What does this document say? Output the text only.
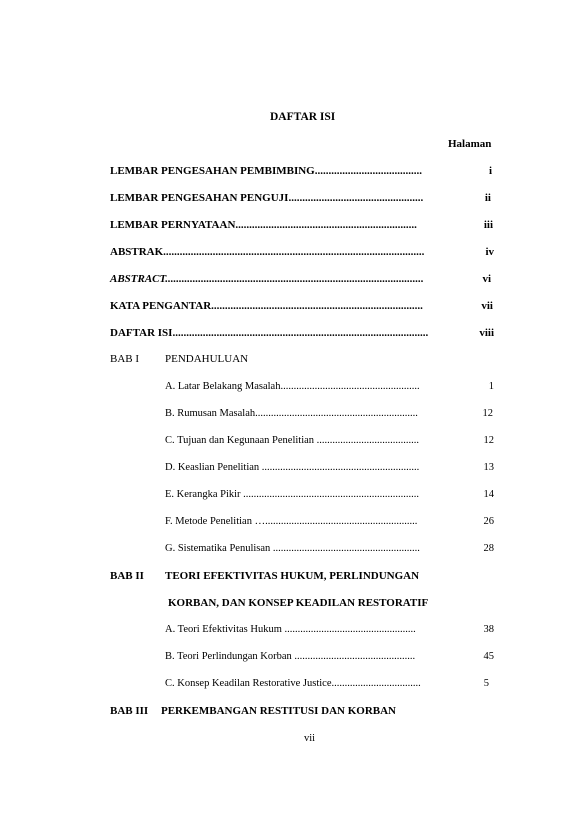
DAFTAR ISI
Halaman
LEMBAR PENGESAHAN PEMBIMBING.......................................	i
LEMBAR PENGESAHAN PENGUJI.................................................	ii
LEMBAR PERNYATAAN..................................................................	iii
ABSTRAK...............................................................................................	iv
ABSTRACT..............................................................................................	vi
KATA PENGANTAR.............................................................................	vii
DAFTAR ISI.............................................................................................	viii
BAB I PENDAHULUAN
A. Latar Belakang Masalah.....................................................	1
B. Rumusan Masalah..............................................................	12
C. Tujuan dan Kegunaan Penelitian .......................................	12
D. Keaslian Penelitian ............................................................	13
E. Kerangka Pikir ...................................................................	14
F. Metode Penelitian …..........................................................	26
G. Sistematika Penulisan ........................................................	28
BAB II TEORI EFEKTIVITAS HUKUM, PERLINDUNGAN
KORBAN, DAN KONSEP KEADILAN RESTORATIF
A. Teori Efektivitas Hukum ..................................................	38
B. Teori Perlindungan Korban ..............................................	45
C. Konsep Keadilan Restorative Justice..................................	5
BAB III PERKEMBANGAN RESTITUSI DAN KORBAN
vii
